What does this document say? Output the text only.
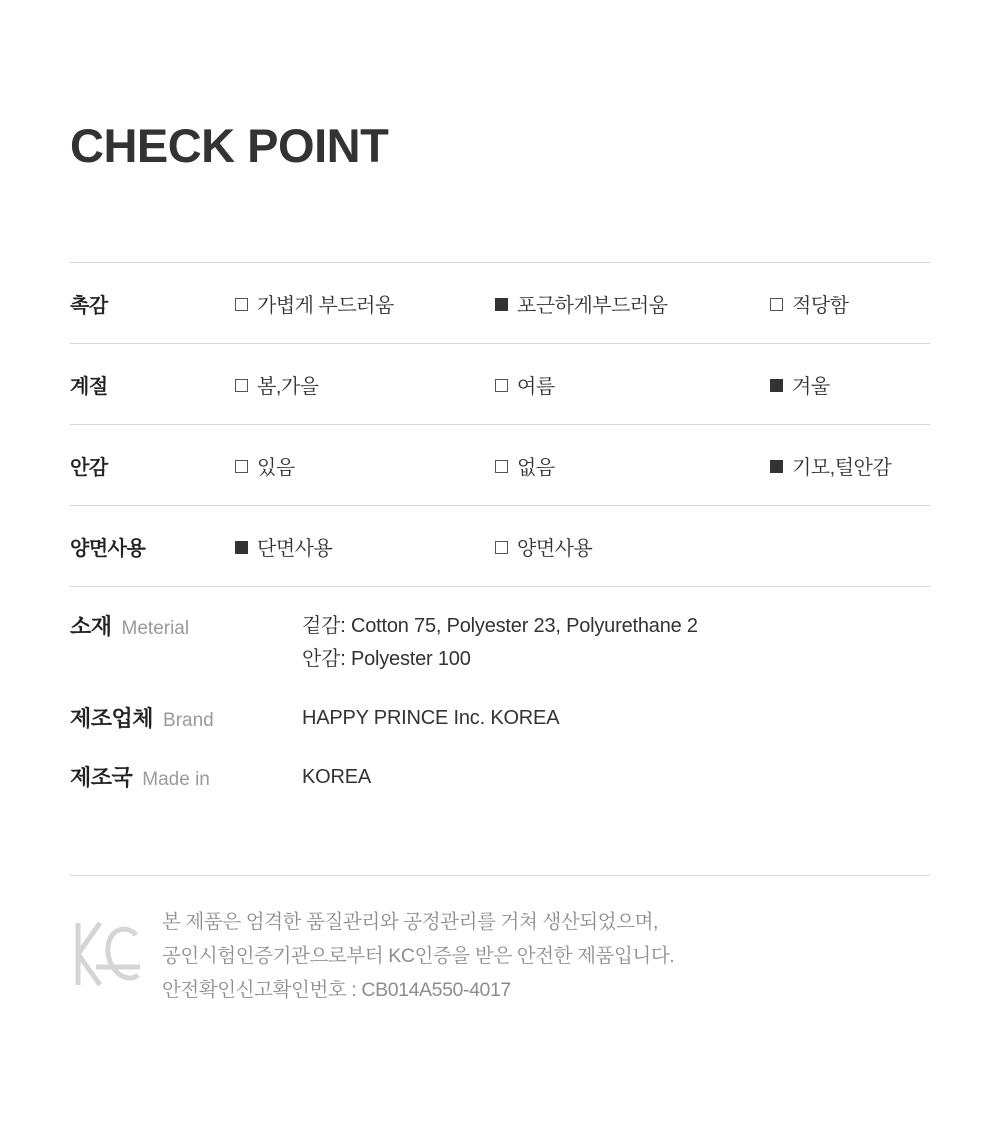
CHECK POINT
촉감	가볍게 부드러움	포근하게부드러움	적당함
계절	봄,가을	여름	겨울
안감	있음	없음	기모,털안감
양면사용	단면사용	양면사용	
소재 Meterial	겉감: Cotton 75, Polyester 23, Polyurethane 2
안감: Polyester 100
제조업체 Brand	HAPPY PRINCE Inc. KOREA
제조국 Made in	KOREA
본 제품은 엄격한 품질관리와 공정관리를 거쳐 생산되었으며,
공인시험인증기관으로부터 KC인증을 받은 안전한 제품입니다.
안전확인신고확인번호 : CB014A550-4017
